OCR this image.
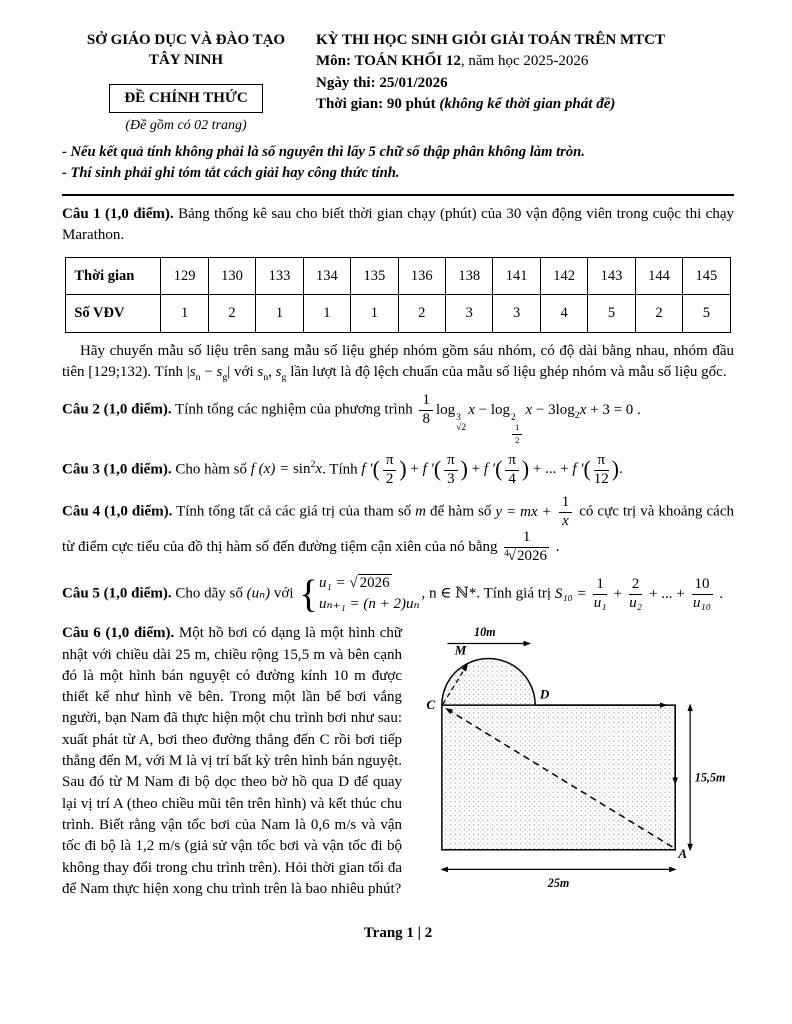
SỞ GIÁO DỤC VÀ ĐÀO TẠO
TÂY NINH
ĐỀ CHÍNH THỨC
(Đề gồm có 02 trang)
KỲ THI HỌC SINH GIỎI GIẢI TOÁN TRÊN MTCT
Môn: TOÁN KHỐI 12, năm học 2025-2026
Ngày thi: 25/01/2026
Thời gian: 90 phút (không kể thời gian phát đề)
- Nếu kết quả tính không phải là số nguyên thì lấy 5 chữ số thập phân không làm tròn.
- Thí sinh phải ghi tóm tắt cách giải hay công thức tính.

Câu 1 (1,0 điểm). Bảng thống kê sau cho biết thời gian chạy (phút) của 30 vận động viên trong cuộc thi chạy Marathon.

Thời gian	129	130	133	134	135	136	138	141	142	143	144	145
Số VĐV	1	2	1	1	1	2	3	3	4	5	2	5

Hãy chuyển mẫu số liệu trên sang mẫu số liệu ghép nhóm gồm sáu nhóm, có độ dài bằng nhau, nhóm đầu tiên [129;132). Tính $|s_n - s_g|$ với $s_n$, $s_g$ lần lượt là độ lệch chuẩn của mẫu số liệu ghép nhóm và mẫu số liệu gốc.

Câu 2 (1,0 điểm). Tính tổng các nghiệm của phương trình $\frac{1}{8}$ log 3
√2
x − log 2
$\frac{1}{2}$
$x - 3\log_2x + 3 = 0$ .

Câu 3 (1,0 điểm). Cho hàm số f $(x) = \sin^2x$. Tính f ′( $\frac{\pi}{2}$ ) + f ′( $\frac{\pi}{3}$ ) + f ′( $\frac{\pi}{4}$ ) + ... + f ′( $\frac{\pi}{12}$ ).

Câu 4 (1,0 điểm). Tính tổng tất cả các giá trị của tham số m để hàm số y = mx + $\frac{1}{x}$ có cực trị và khoảng cách từ điểm cực tiểu của đồ thị hàm số đến đường tiệm cận xiên của nó bằng $\frac{1}{^4√ 2026}$ .

Câu 5 (1,0 điểm). Cho dãy số (uₙ) với { u₁ = √ 2026
uₙ₊₁ = (n + 2)uₙ
, n ∈ ℕ*. Tính giá trị $S_{10} = \frac{1}{\text{u₁}} + \frac{2}{\text{u₂}}$ + ... + $\frac{10}{\text{u₁₀}}$ .

10m
M
C
D
A
15,5m
25m

Câu 6 (1,0 điểm). Một hồ bơi có dạng là một hình chữ nhật với chiều dài 25 m, chiều rộng 15,5 m và bên cạnh đó là một hình bán nguyệt có đường kính 10 m được thiết kế như hình vẽ bên. Trong một lần bể bơi vắng người, bạn Nam đã thực hiện một chu trình bơi như sau: xuất phát từ A, bơi theo đường thẳng đến C rồi bơi tiếp thẳng đến M, với M là vị trí bất kỳ trên hình bán nguyệt. Sau đó từ M Nam đi bộ dọc theo bờ hồ qua D để quay lại vị trí A (theo chiều mũi tên trên hình) và kết thúc chu trình. Biết rằng vận tốc bơi của Nam là 0,6 m/s và vận tốc đi bộ là 1,2 m/s (giả sử vận tốc bơi và vận tốc đi bộ không thay đổi trong chu trình trên). Hỏi thời gian tối đa để Nam thực hiện xong chu trình trên là bao nhiêu phút?

Trang 1 | 2
